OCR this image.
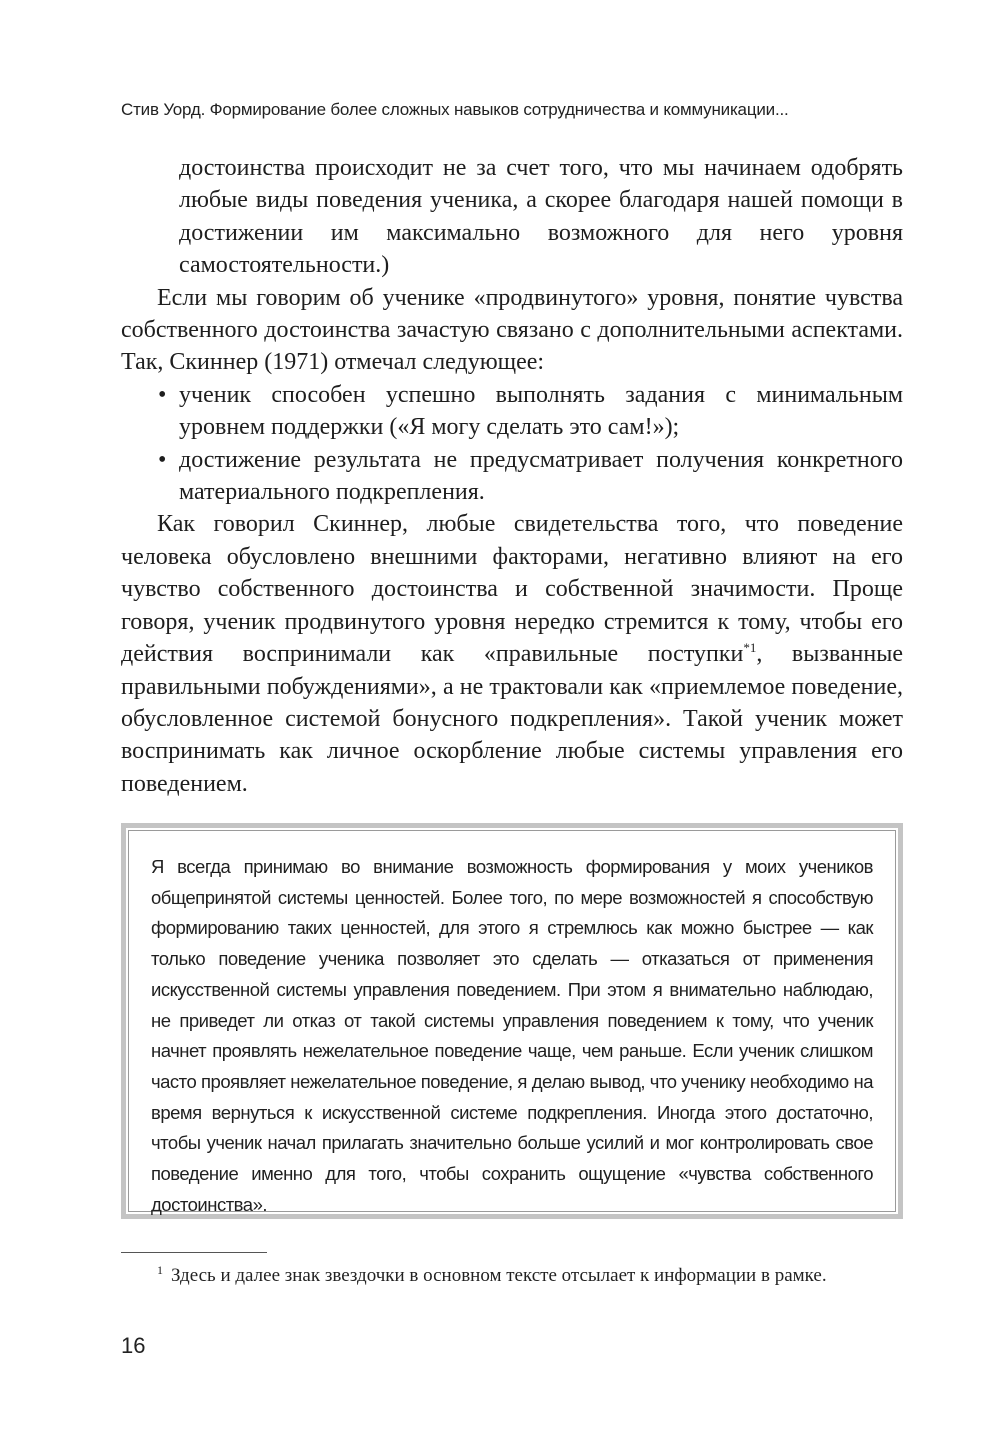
Стив Уорд. Формирование более сложных навыков сотрудничества и коммуникации...

достоинства происходит не за счет того, что мы начинаем одобрять любые виды поведения ученика, а скорее благодаря нашей помощи в достижении им максимально возможного для него уровня самостоятельности.)

Если мы говорим об ученике «продвинутого» уровня, понятие чувства собственного достоинства зачастую связано с дополнительными аспектами. Так, Скиннер (1971) отмечал следующее:

• ученик способен успешно выполнять задания с минимальным уровнем поддержки («Я могу сделать это сам!»);
• достижение результата не предусматривает получения конкретного материального подкрепления.

Как говорил Скиннер, любые свидетельства того, что поведение человека обусловлено внешними факторами, негативно влияют на его чувство собственного достоинства и собственной значимости. Проще говоря, ученик продвинутого уровня нередко стремится к тому, чтобы его действия воспринимали как «правильные поступки$^{*1}$, вызванные правильными побуждениями», а не трактовали как «приемлемое поведение, обусловленное системой бонусного подкрепления». Такой ученик может воспринимать как личное оскорбление любые системы управления его поведением.

Я всегда принимаю во внимание возможность формирования у моих учеников общепринятой системы ценностей. Более того, по мере возможностей я способствую формированию таких ценностей, для этого я стремлюсь как можно быстрее — как только поведение ученика позволяет это сделать — отказаться от применения искусственной системы управления поведением. При этом я внимательно наблюдаю, не приведет ли отказ от такой системы управления поведением к тому, что ученик начнет проявлять нежелательное поведение чаще, чем раньше. Если ученик слишком часто проявляет нежелательное поведение, я делаю вывод, что ученику необходимо на время вернуться к искусственной системе подкрепления. Иногда этого достаточно, чтобы ученик начал прилагать значительно больше усилий и мог контролировать свое поведение именно для того, чтобы сохранить ощущение «чувства собственного достоинства».

$^1$ Здесь и далее знак звездочки в основном тексте отсылает к информации в рамке.

16
